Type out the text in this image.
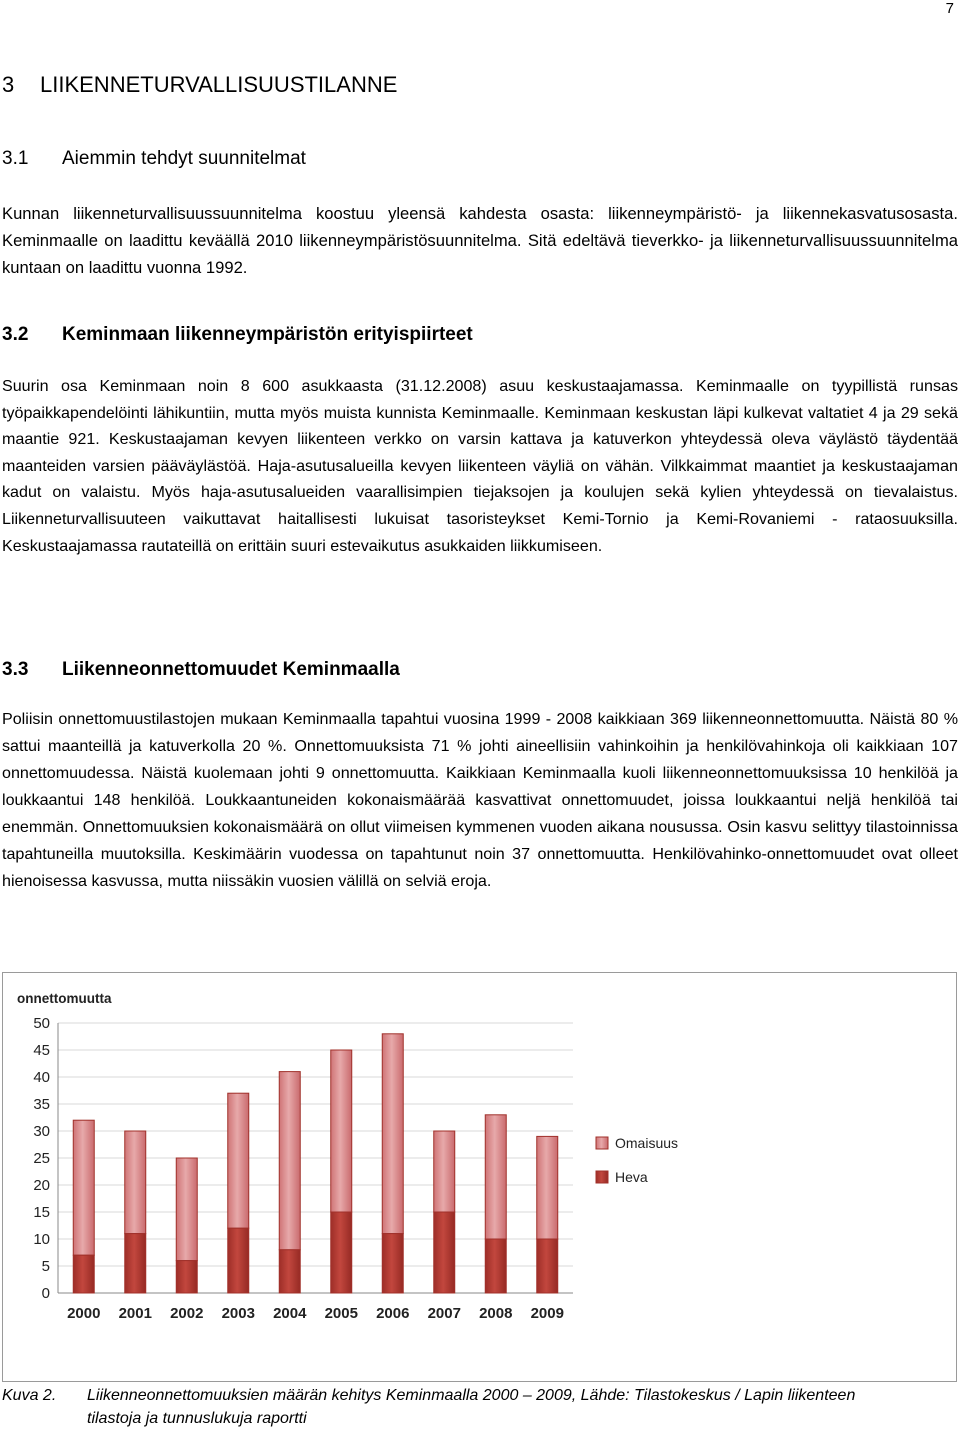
7
3 LIIKENNETURVALLISUUSTILANNE
3.1 Aiemmin tehdyt suunnitelmat

Kunnan liikenneturvallisuussuunnitelma koostuu yleensä kahdesta osasta: liikenneympäristö- ja liikennekasvatusosasta. Keminmaalle on laadittu keväällä 2010 liikenneympäristösuunnitelma. Sitä edeltävä tieverkko- ja liikenneturvallisuussuunnitelma kuntaan on laadittu vuonna 1992.

3.2 Keminmaan liikenneympäristön erityispiirteet

Suurin osa Keminmaan noin 8 600 asukkaasta (31.12.2008) asuu keskustaajamassa. Keminmaalle on tyypillistä runsas työpaikkapendelöinti lähikuntiin, mutta myös muista kunnista Keminmaalle. Keminmaan keskustan läpi kulkevat valtatiet 4 ja 29 sekä maantie 921. Keskustaajaman kevyen liikenteen verkko on varsin kattava ja katuverkon yhteydessä oleva väylästö täydentää maanteiden varsien pääväylästöä. Haja-asutusalueilla kevyen liikenteen väyliä on vähän. Vilkkaimmat maantiet ja keskustaajaman kadut on valaistu. Myös haja-asutusalueiden vaarallisimpien tiejaksojen ja koulujen sekä kylien yhteydessä on tievalaistus. Liikenneturvallisuuteen vaikuttavat haitallisesti lukuisat tasoristeykset Kemi-Tornio ja Kemi-Rovaniemi - rataosuuksilla. Keskustaajamassa rautateillä on erittäin suuri estevaikutus asukkaiden liikkumiseen.

3.3 Liikenneonnettomuudet Keminmaalla

Poliisin onnettomuustilastojen mukaan Keminmaalla tapahtui vuosina 1999 - 2008 kaikkiaan 369 liikenneonnettomuutta. Näistä 80 % sattui maanteillä ja katuverkolla 20 %. Onnettomuuksista 71 % johti aineellisiin vahinkoihin ja henkilövahinkoja oli kaikkiaan 107 onnettomuudessa. Näistä kuolemaan johti 9 onnettomuutta. Kaikkiaan Keminmaalla kuoli liikenneonnettomuuksissa 10 henkilöä ja loukkaantui 148 henkilöä. Loukkaantuneiden kokonaismäärää kasvattivat onnettomuudet, joissa loukkaantui neljä henkilöä tai enemmän. Onnettomuuksien kokonaismäärä on ollut viimeisen kymmenen vuoden aikana nousussa. Osin kasvu selittyy tilastoinnissa tapahtuneilla muutoksilla. Keskimäärin vuodessa on tapahtunut noin 37 onnettomuutta. Henkilövahinko-onnettomuudet ovat olleet hienoisessa kasvussa, mutta niissäkin vuosien välillä on selviä eroja.

onnettomuutta
0
5
10
15
20
25
30
35
40
45
50
2000 2001 2002 2003 2004 2005 2006 2007 2008 2009
Omaisuus
Heva

Kuva 2. Liikenneonnettomuuksien määrän kehitys Keminmaalla 2000 – 2009, Lähde: Tilastokeskus / Lapin liikenteen
tilastoja ja tunnuslukuja raportti
